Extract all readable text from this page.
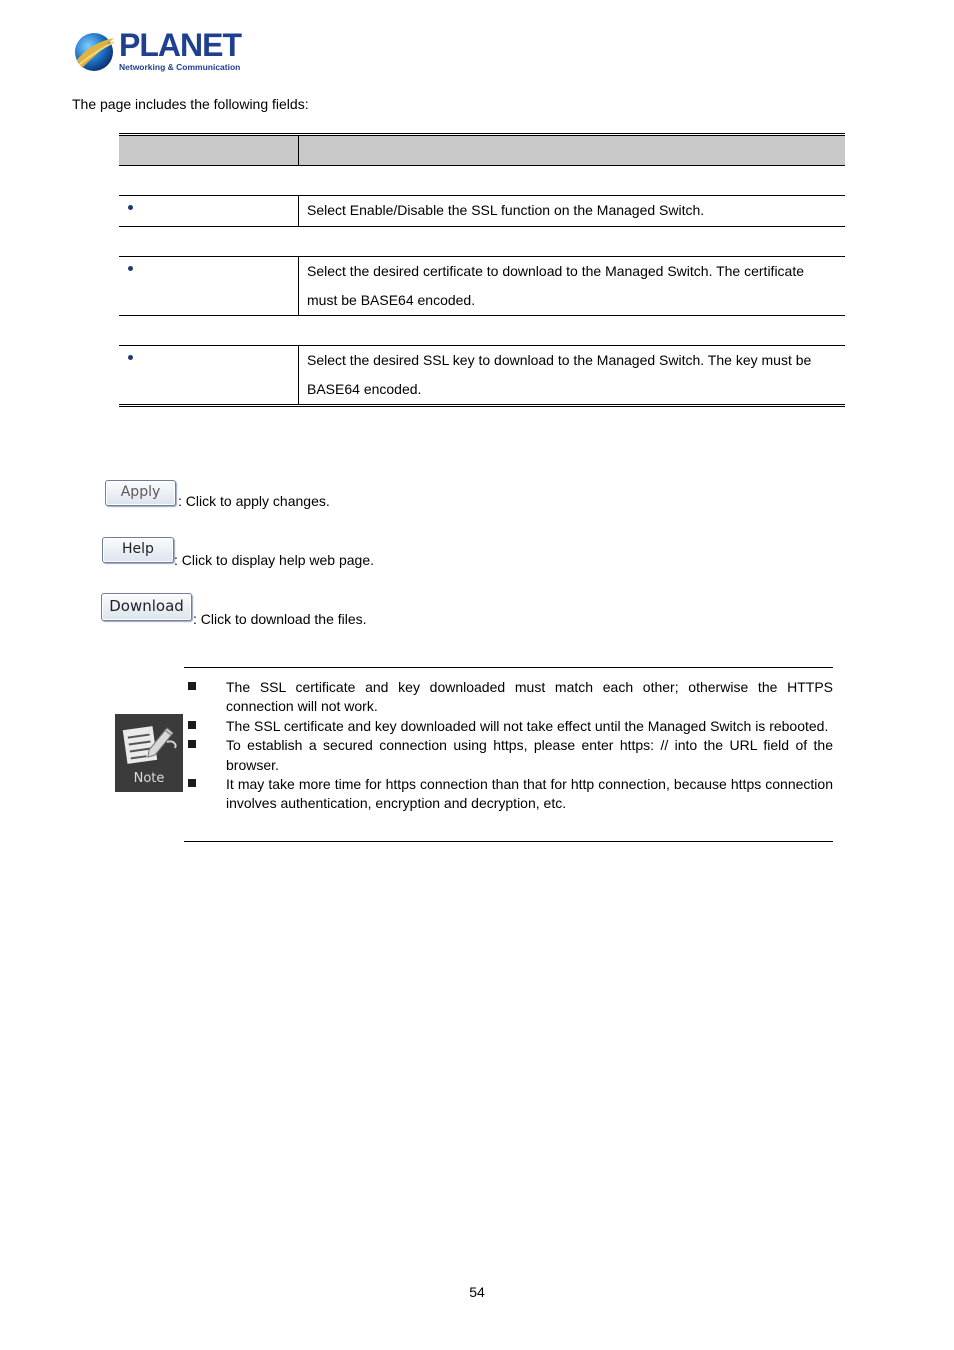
PLANET
Networking & Communication
The page includes the following fields:

	Select Enable/Disable the SSL function on the Managed Switch.

	Select the desired certificate to download to the Managed Switch. The certificate must be BASE64 encoded.

	Select the desired SSL key to download to the Managed Switch. The key must be BASE64 encoded.
Apply
: Click to apply changes.
Help
: Click to display help web page.
Download
: Click to download the files.
Note
The SSL certificate and key downloaded must match each other; otherwise the HTTPS connection will not work.
The SSL certificate and key downloaded will not take effect until the Managed Switch is rebooted.
To establish a secured connection using https, please enter https: // into the URL field of the browser.
It may take more time for https connection than that for http connection, because https connection involves authentication, encryption and decryption, etc.
54
